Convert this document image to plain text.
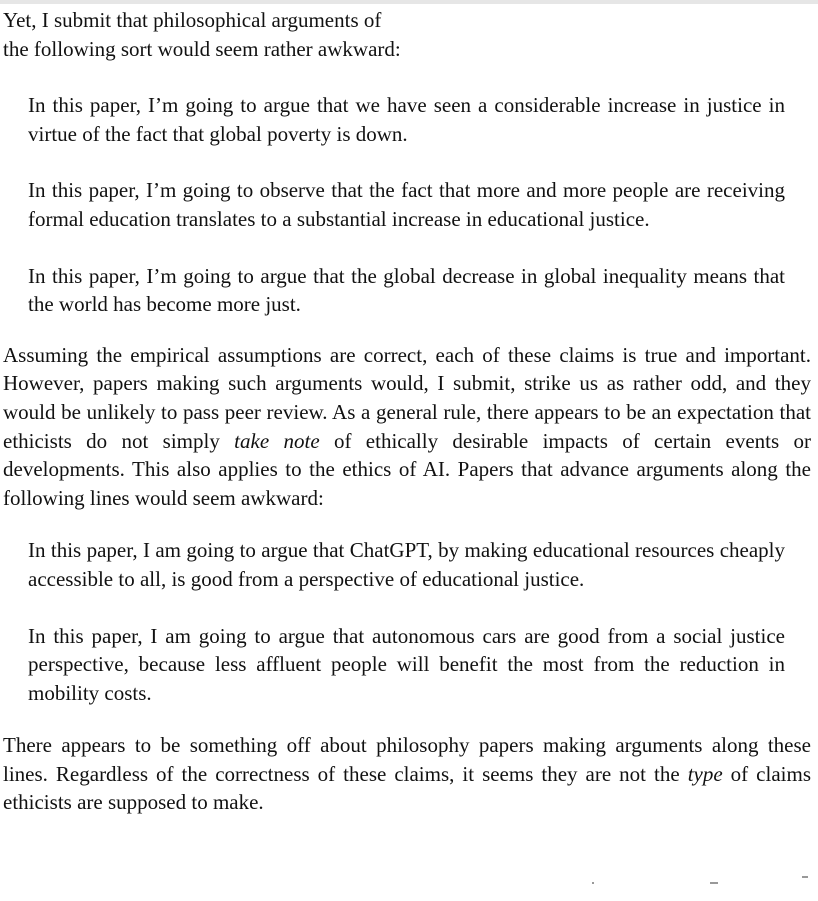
Yet, I submit that philosophical arguments of
the following sort would seem rather awkward:

In this paper, I’m going to argue that we have seen a considerable increase in justice in virtue of the fact that global poverty is down.

In this paper, I’m going to observe that the fact that more and more people are receiving formal education translates to a substantial increase in educational justice.

In this paper, I’m going to argue that the global decrease in global inequality means that the world has become more just.

Assuming the empirical assumptions are correct, each of these claims is true and important. However, papers making such arguments would, I submit, strike us as rather odd, and they would be unlikely to pass peer review. As a general rule, there appears to be an expectation that ethicists do not simply take note of ethically desirable impacts of certain events or developments. This also applies to the ethics of AI. Papers that advance arguments along the following lines would seem awkward:

In this paper, I am going to argue that ChatGPT, by making educational resources cheaply accessible to all, is good from a perspective of educational justice.

In this paper, I am going to argue that autonomous cars are good from a social justice perspective, because less affluent people will benefit the most from the reduction in mobility costs.

There appears to be something off about philosophy papers making arguments along these lines. Regardless of the correctness of these claims, it seems they are not the type of claims ethicists are supposed to make.
